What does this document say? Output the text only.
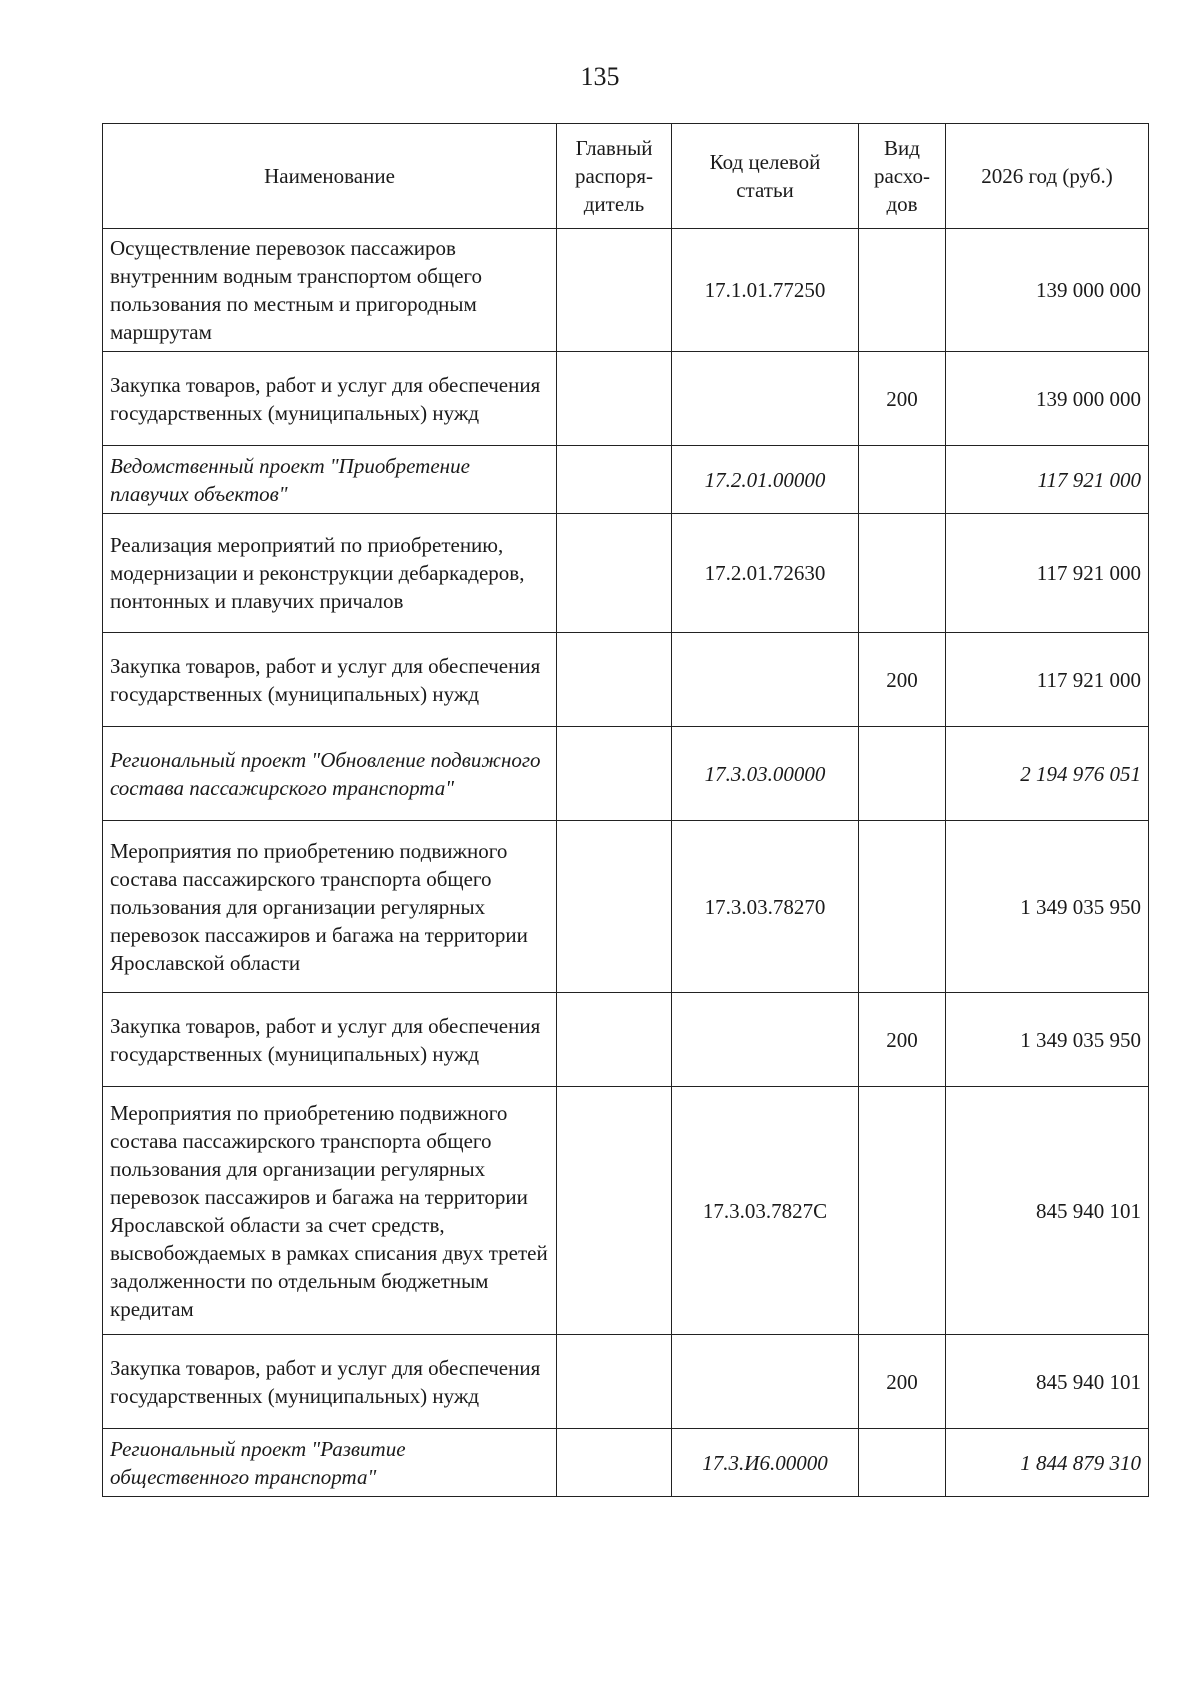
135
Наименование	Главный распоря-дитель	Код целевой статьи	Вид расхо-дов	2026 год (руб.)
Осуществление перевозок пассажиров внутренним водным транспортом общего пользования по местным и пригородным маршрутам		17.1.01.77250		139 000 000
Закупка товаров, работ и услуг для обеспечения государственных (муниципальных) нужд			200	139 000 000
Ведомственный проект "Приобретение плавучих объектов"		17.2.01.00000		117 921 000
Реализация мероприятий по приобретению, модернизации и реконструкции дебаркадеров, понтонных и плавучих причалов		17.2.01.72630		117 921 000
Закупка товаров, работ и услуг для обеспечения государственных (муниципальных) нужд			200	117 921 000
Региональный проект "Обновление подвижного состава пассажирского транспорта"		17.3.03.00000		2 194 976 051
Мероприятия по приобретению подвижного состава пассажирского транспорта общего пользования для организации регулярных перевозок пассажиров и багажа на территории Ярославской области		17.3.03.78270		1 349 035 950
Закупка товаров, работ и услуг для обеспечения государственных (муниципальных) нужд			200	1 349 035 950
Мероприятия по приобретению подвижного состава пассажирского транспорта общего пользования для организации регулярных перевозок пассажиров и багажа на территории Ярославской области за счет средств, высвобождаемых в рамках списания двух третей задолженности по отдельным бюджетным кредитам		17.3.03.7827С		845 940 101
Закупка товаров, работ и услуг для обеспечения государственных (муниципальных) нужд			200	845 940 101
Региональный проект "Развитие общественного транспорта"		17.3.И6.00000		1 844 879 310
